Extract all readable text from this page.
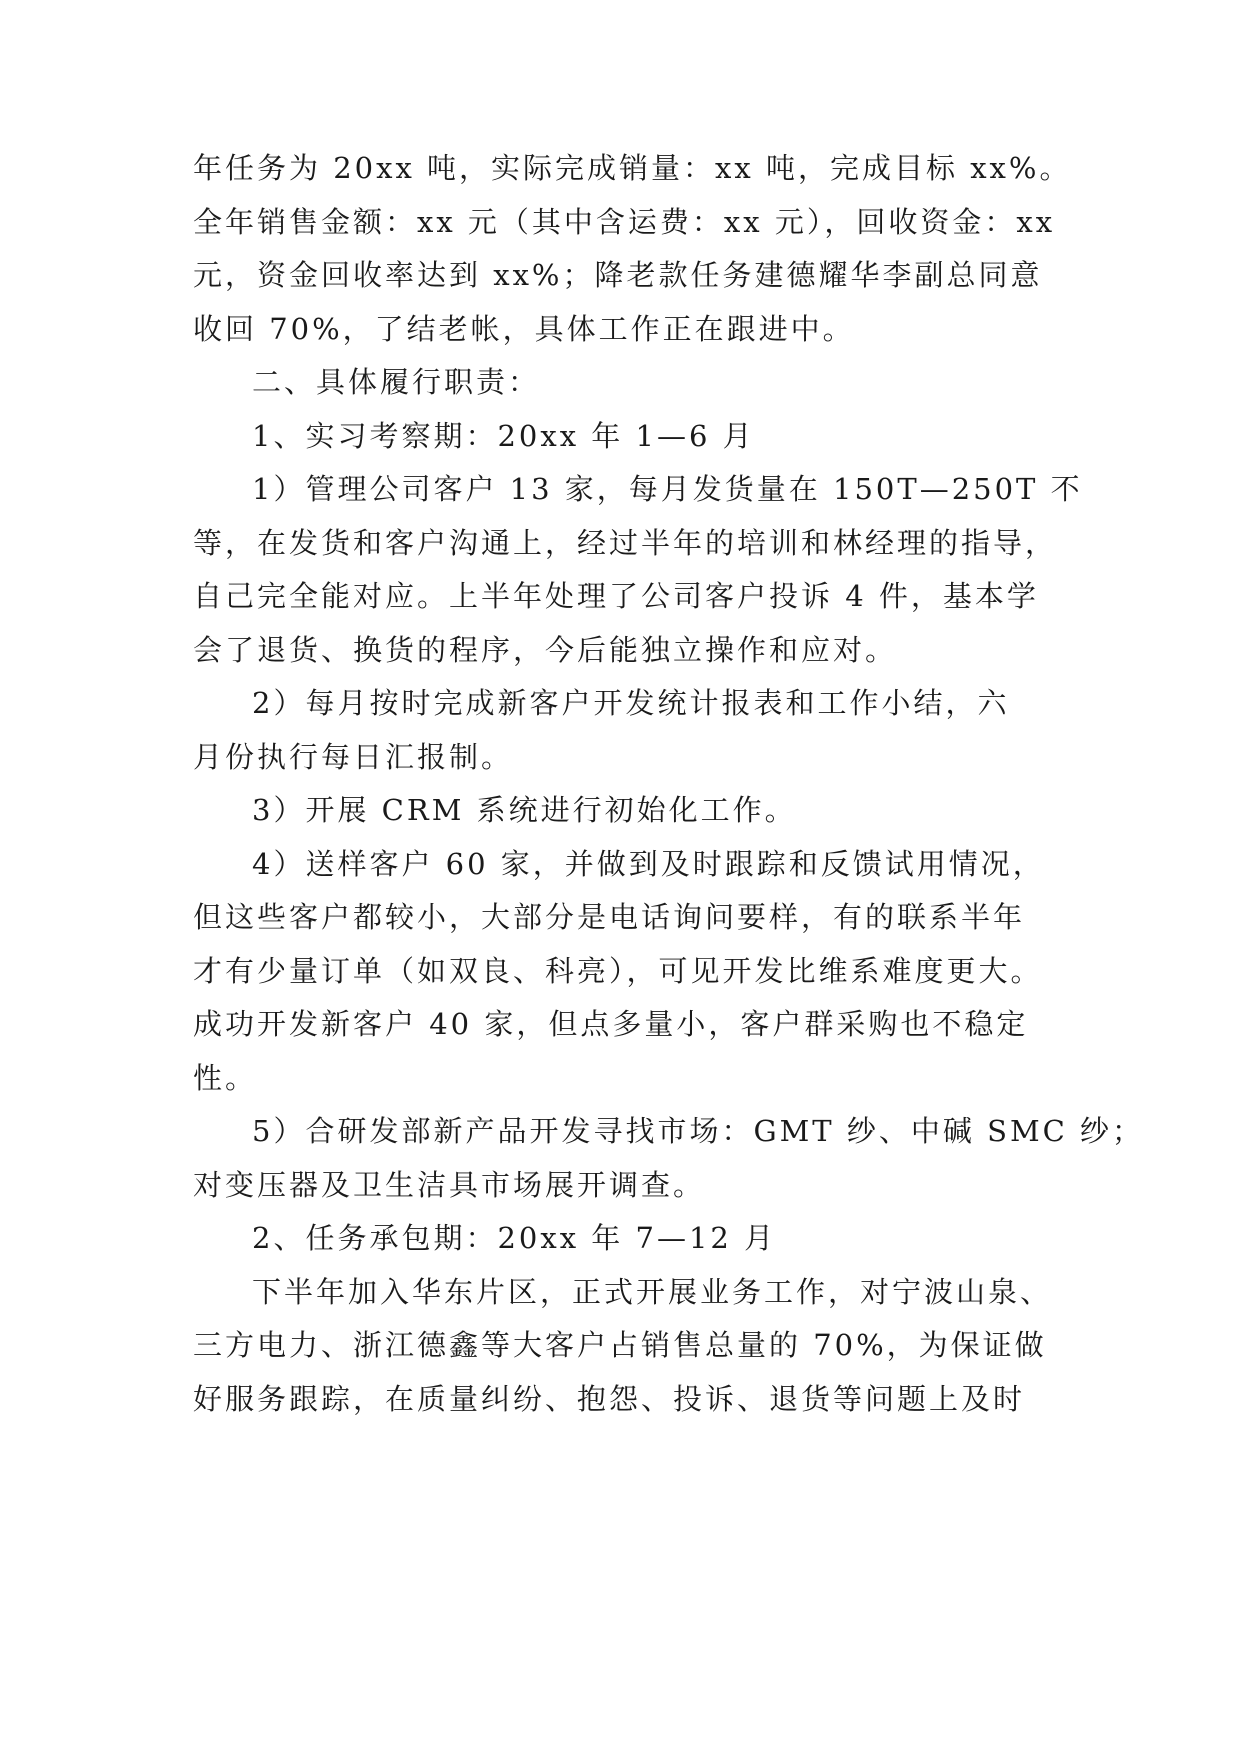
年任务为 20xx 吨，实际完成销量：xx 吨，完成目标 xx%。
全年销售金额：xx 元（其中含运费：xx 元），回收资金：xx
元，资金回收率达到 xx%；降老款任务建德耀华李副总同意
收回 70%，了结老帐，具体工作正在跟进中。
二、具体履行职责：
1、实习考察期：20xx 年 1—6 月
1）管理公司客户 13 家，每月发货量在 150T—250T 不
等，在发货和客户沟通上，经过半年的培训和林经理的指导，
自己完全能对应。上半年处理了公司客户投诉 4 件，基本学
会了退货、换货的程序，今后能独立操作和应对。
2）每月按时完成新客户开发统计报表和工作小结，六
月份执行每日汇报制。
3）开展 CRM 系统进行初始化工作。
4）送样客户 60 家，并做到及时跟踪和反馈试用情况，
但这些客户都较小，大部分是电话询问要样，有的联系半年
才有少量订单（如双良、科亮），可见开发比维系难度更大。
成功开发新客户 40 家，但点多量小，客户群采购也不稳定
性。
5）合研发部新产品开发寻找市场：GMT 纱、中碱 SMC 纱；
对变压器及卫生洁具市场展开调查。
2、任务承包期：20xx 年 7—12 月
下半年加入华东片区，正式开展业务工作，对宁波山泉、
三方电力、浙江德鑫等大客户占销售总量的 70%，为保证做
好服务跟踪，在质量纠纷、抱怨、投诉、退货等问题上及时
